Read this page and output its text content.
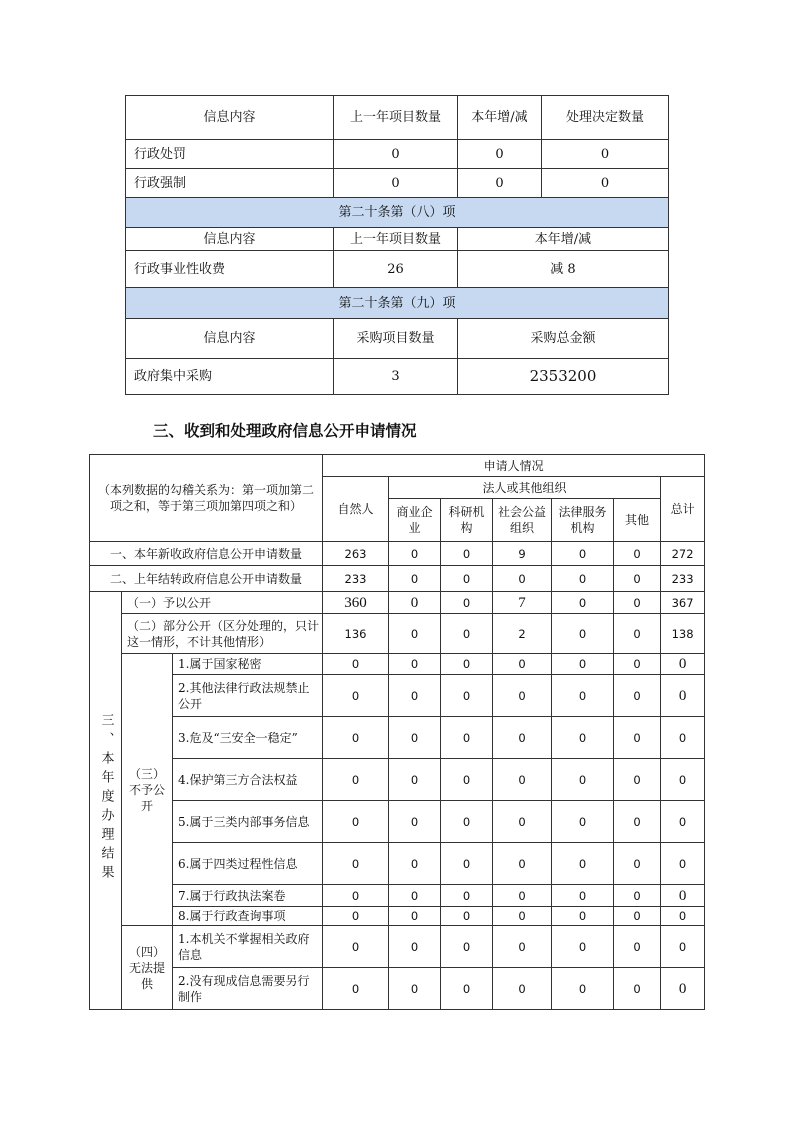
信息内容	上一年项目数量	本年增/减	处理决定数量
行政处罚	0	0	0
行政强制	0	0	0
第二十条第（八）项			
信息内容	上一年项目数量	本年增/减	
行政事业性收费	26	减 8	
第二十条第（九）项			
信息内容	采购项目数量	采购总金额	
政府集中采购	3	2353200	
三、收到和处理政府信息公开申请情况
（本列数据的勾稽关系为：第一项加第二项之和，等于第三项加第四项之和）			申请人情况						
			自然人	法人或其他组织					总计
				商业企业	科研机构	社会公益组织	法律服务机构	其他	
一、本年新收政府信息公开申请数量			263	0	0	9	0	0	272
二、上年结转政府信息公开申请数量			233	0	0	0	0	0	233
三、本年度办理结果	（一）予以公开		360	0	0	7	0	0	367
	（二）部分公开（区分处理的，只计这一情形，不计其他情形）		136	0	0	2	0	0	138
	（三）不予公开	1.属于国家秘密	0	0	0	0	0	0	0
		2.其他法律行政法规禁止公开	0	0	0	0	0	0	0
		3.危及“三安全一稳定”	0	0	0	0	0	0	0
		4.保护第三方合法权益	0	0	0	0	0	0	0
		5.属于三类内部事务信息	0	0	0	0	0	0	0
		6.属于四类过程性信息	0	0	0	0	0	0	0
		7.属于行政执法案卷	0	0	0	0	0	0	0
		8.属于行政查询事项	0	0	0	0	0	0	0
	（四）无法提供	1.本机关不掌握相关政府信息	0	0	0	0	0	0	0
		2.没有现成信息需要另行制作	0	0	0	0	0	0	0
